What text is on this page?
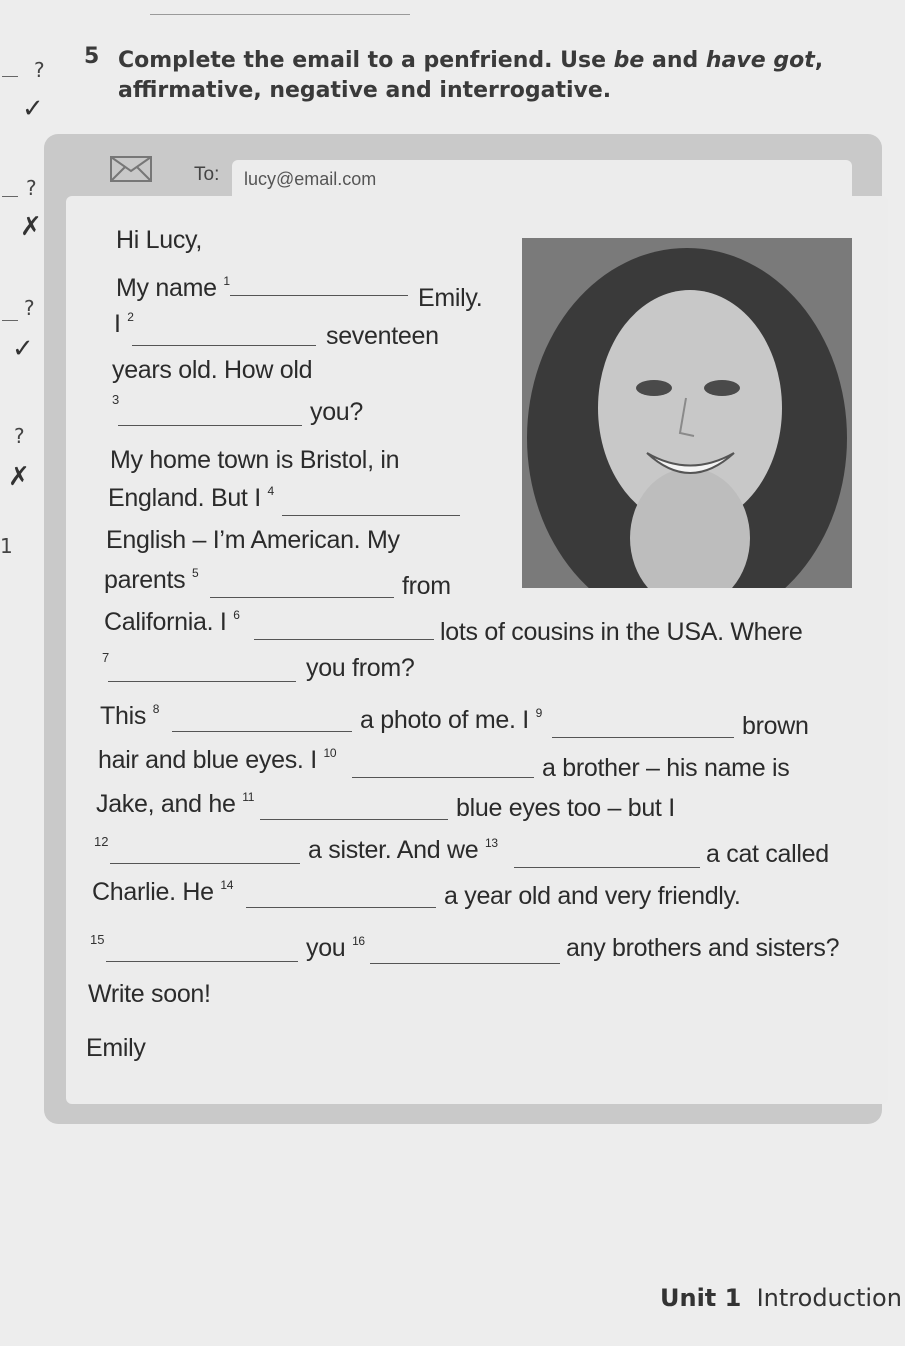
?
✓
?
✗
?
✓
?
✗
1
5 Complete the email to a penfriend. Use be and have got,
affirmative, negative and interrogative.
To: lucy@email.com
Hi Lucy,
My name $^1$
Emily.
I $^2$
seventeen
years old. How old
3	you?
My home town is Bristol, in
England. But I $^4$
English – I’m American. My
parents $^5$	from
California. I $^6$
lots of cousins in the USA. Where
7	you from?
This $^8$	a photo of me. I $^9$	brown
hair and blue eyes. I $^{10}$
a brother – his name is
Jake, and he $^{11}$	blue eyes too – but I
12	a sister. And we $^{13}$	a cat called
Charlie. He $^{14}$	a year old and very friendly.
15	you $^{16}$	any brothers and sisters?
Write soon!
Emily
Unit 1 Introduction
